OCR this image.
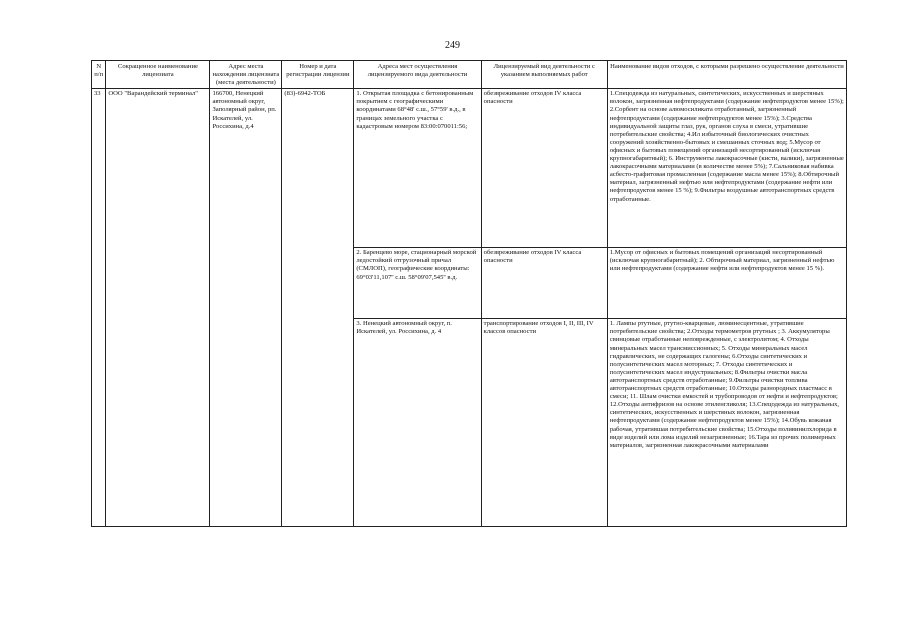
249
N п/п	Сокращенное наименование лицензиата	Адрес места нахождения лицензиата (места деятельности)	Номер и дата регистрации лицензии	Адреса мест осуществления лицензируемого вида деятельности	Лицензируемый вид деятельности с указанием выполняемых работ	Наименование видов отходов, с которыми разрешено осуществление деятельности
33	ООО "Варандейский терминал"	166700, Ненецкий автономный округ, Заполярный район, рп. Искателей, ул. Россихина, д.4	(83)-6942-ТОБ	1. Открытая площадка с бетонированным покрытием с географическими координатами 68°48' с.ш., 57°59' в.д., в границах земельного участка с кадастровым номером 83:00:070011:56;	обезвреживание отходов IV класса опасности	1.Спецодежда из натуральных, синтетических, искусственных и шерстяных волокон, загрязненная нефтепродуктами (содержание нефтепродуктов менее 15%); 2.Сорбент на основе алюмосиликата отработанный, загрязненный нефтепродуктами (содержание нефтепродуктов менее 15%); 3.Средства индивидуальной защиты глаз, рук, органов слуха в смеси, утратившие потребительские свойства; 4.Ил избыточный биологических очистных сооружений хозяйственно-бытовых и смешанных сточных вод; 5.Мусор от офисных и бытовых помещений организаций несортированный (исключая крупногабаритный); 6. Инструменты лакокрасочные (кисти, валики), загрязненные лакокрасочными материалами (в количестве менее 5%); 7.Сальниковая набивка асбесто-графитовая промасленная (содержание масла менее 15%); 8.Обтирочный материал, загрязненный нефтью или нефтепродуктами (содержание нефти или нефтепродуктов менее 15 %); 9.Фильтры воздушные автотранспортных средств отработанные.

				2. Баренцево море, стационарный морской ледостойкий отгрузочный причал (СМЛОП), географические координаты: 69°03'11,107'' с.ш. 58°09'07,545'' в.д.	обезвреживание отходов IV класса опасности	1.Мусор от офисных и бытовых помещений организаций несортированный (исключая крупногабаритный); 2. Обтирочный материал, загрязненный нефтью или нефтепродуктами (содержание нефти или нефтепродуктов менее 15 %).
				3. Ненецкий автономный округ, п. Искателей, ул. Россихина, д. 4	транспортирование отходов I, II, III, IV классов опасности	1. Лампы ртутные, ртутно-кварцевые, люминесцентные, утратившие потребительские свойства; 2.Отходы термометров ртутных ; 3. Аккумуляторы свинцовые отработанные неповрежденные, с электролитом; 4. Отходы минеральных масел трансмиссионных; 5. Отходы минеральных масел гидравлических, не содержащих галогены; 6.Отходы синтетических и полусинтетических масел моторных; 7. Отходы синтетических и полусинтетических масел индустриальных; 8.Фильтры очистки масла автотранспортных средств отработанные; 9.Фильтры очистки топлива автотранспортных средств отработанные; 10.Отходы разнородных пластмасс в смеси; 11. Шлам очистки емкостей и трубопроводов от нефти и нефтепродуктов; 12.Отходы антифризов на основе этиленгликоля; 13.Спецодежда из натуральных, синтетических, искусственных и шерстяных волокон, загрязненная нефтепродуктами (содержание нефтепродуктов менее 15%); 14.Обувь кожаная рабочая, утратившая потребительские свойства; 15.Отходы поливинилхлорида в виде изделий или лома изделий незагрязненные; 16.Тара из прочих полимерных материалов, загрязненная лакокрасочными материалами
